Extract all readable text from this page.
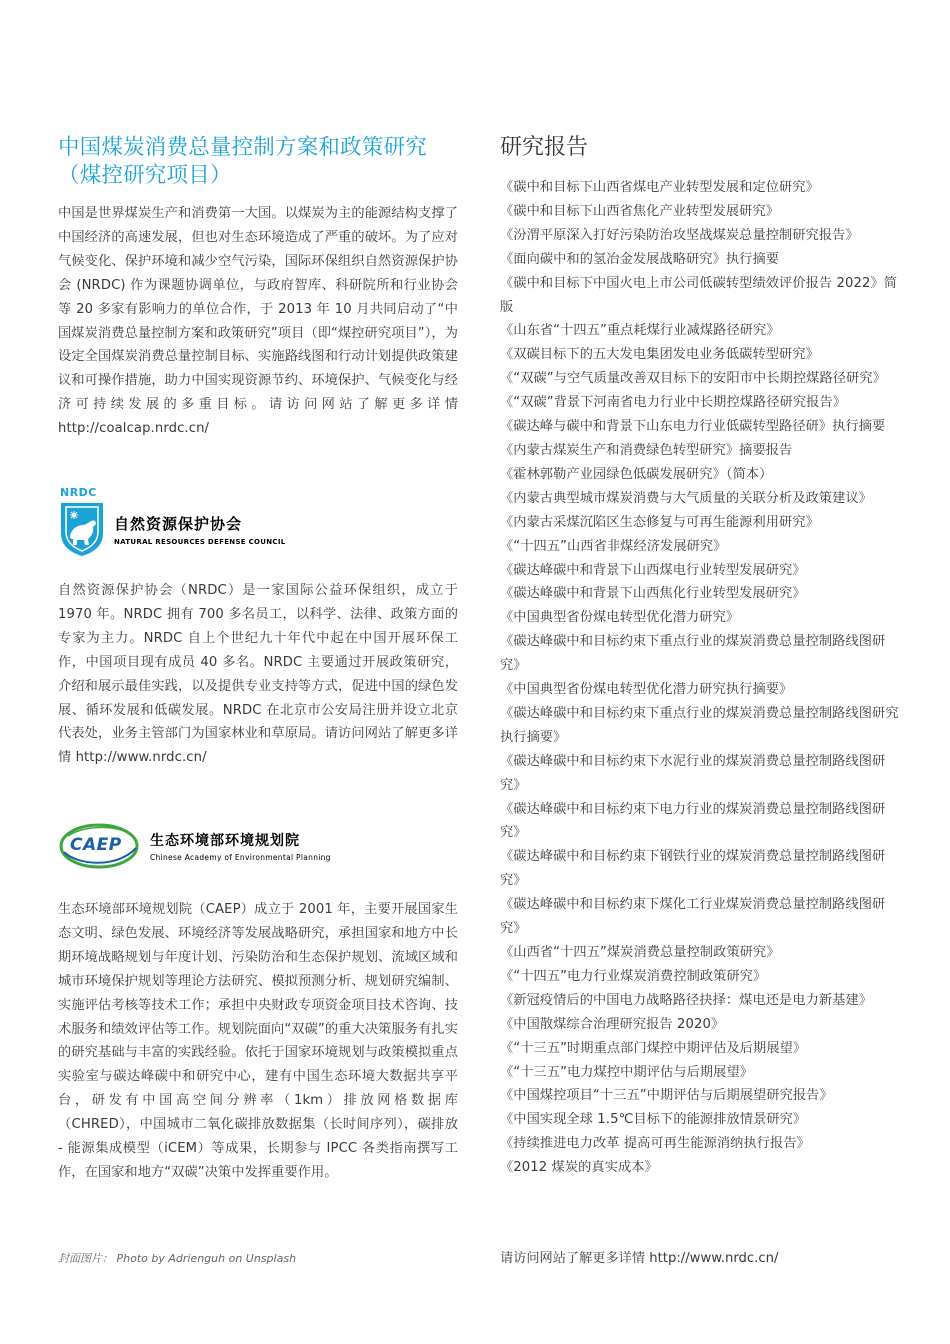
中国煤炭消费总量控制方案和政策研究
（煤控研究项目）

中国是世界煤炭生产和消费第一大国。以煤炭为主的能源结构支撑了中国经济的高速发展，但也对生态环境造成了严重的破坏。为了应对气候变化、保护环境和减少空气污染，国际环保组织自然资源保护协会 (NRDC) 作为课题协调单位，与政府智库、科研院所和行业协会等 20 多家有影响力的单位合作，于 2013 年 10 月共同启动了“中国煤炭消费总量控制方案和政策研究”项目（即“煤控研究项目”），为设定全国煤炭消费总量控制目标、实施路线图和行动计划提供政策建议和可操作措施，助力中国实现资源节约、环境保护、气候变化与经济可持续发展的多重目标。请访问网站了解更多详情 http://coalcap.nrdc.cn/

NRDC
自然资源保护协会
NATURAL RESOURCES DEFENSE COUNCIL

自然资源保护协会（NRDC）是一家国际公益环保组织，成立于 1970 年。NRDC 拥有 700 多名员工，以科学、法律、政策方面的专家为主力。NRDC 自上个世纪九十年代中起在中国开展环保工作，中国项目现有成员 40 多名。NRDC 主要通过开展政策研究，介绍和展示最佳实践，以及提供专业支持等方式，促进中国的绿色发展、循环发展和低碳发展。NRDC 在北京市公安局注册并设立北京代表处，业务主管部门为国家林业和草原局。请访问网站了解更多详情 http://www.nrdc.cn/

CAEP 生态环境部环境规划院
Chinese Academy of Environmental Planning

生态环境部环境规划院（CAEP）成立于 2001 年，主要开展国家生态文明、绿色发展、环境经济等发展战略研究，承担国家和地方中长期环境战略规划与年度计划、污染防治和生态保护规划、流域区域和城市环境保护规划等理论方法研究、模拟预测分析、规划研究编制、实施评估考核等技术工作；承担中央财政专项资金项目技术咨询、技术服务和绩效评估等工作。规划院面向“双碳”的重大决策服务有扎实的研究基础与丰富的实践经验。依托于国家环境规划与政策模拟重点实验室与碳达峰碳中和研究中心，建有中国生态环境大数据共享平台，研发有中国高空间分辨率（1km）排放网格数据库（CHRED），中国城市二氧化碳排放数据集（长时间序列），碳排放 - 能源集成模型（iCEM）等成果，长期参与 IPCC 各类指南撰写工作，在国家和地方“双碳”决策中发挥重要作用。

研究报告
《碳中和目标下山西省煤电产业转型发展和定位研究》
《碳中和目标下山西省焦化产业转型发展研究》
《汾渭平原深入打好污染防治攻坚战煤炭总量控制研究报告》
《面向碳中和的氢冶金发展战略研究》执行摘要
《碳中和目标下中国火电上市公司低碳转型绩效评价报告 2022》简版
《山东省“十四五”重点耗煤行业减煤路径研究》
《双碳目标下的五大发电集团发电业务低碳转型研究》
《“双碳”与空气质量改善双目标下的安阳市中长期控煤路径研究》
《“双碳”背景下河南省电力行业中长期控煤路径研究报告》
《碳达峰与碳中和背景下山东电力行业低碳转型路径研》执行摘要
《内蒙古煤炭生产和消费绿色转型研究》摘要报告
《霍林郭勒产业园绿色低碳发展研究》（简本）
《内蒙古典型城市煤炭消费与大气质量的关联分析及政策建议》
《内蒙古采煤沉陷区生态修复与可再生能源利用研究》
《“十四五”山西省非煤经济发展研究》
《碳达峰碳中和背景下山西煤电行业转型发展研究》
《碳达峰碳中和背景下山西焦化行业转型发展研究》
《中国典型省份煤电转型优化潜力研究》
《碳达峰碳中和目标约束下重点行业的煤炭消费总量控制路线图研究》
《中国典型省份煤电转型优化潜力研究执行摘要》
《碳达峰碳中和目标约束下重点行业的煤炭消费总量控制路线图研究执行摘要》
《碳达峰碳中和目标约束下水泥行业的煤炭消费总量控制路线图研究》
《碳达峰碳中和目标约束下电力行业的煤炭消费总量控制路线图研究》
《碳达峰碳中和目标约束下钢铁行业的煤炭消费总量控制路线图研究》
《碳达峰碳中和目标约束下煤化工行业煤炭消费总量控制路线图研究》
《山西省“十四五”煤炭消费总量控制政策研究》
《“十四五”电力行业煤炭消费控制政策研究》
《新冠疫情后的中国电力战略路径抉择：煤电还是电力新基建》
《中国散煤综合治理研究报告 2020》
《“十三五”时期重点部门煤控中期评估及后期展望》
《“十三五”电力煤控中期评估与后期展望》
《中国煤控项目“十三五”中期评估与后期展望研究报告》
《中国实现全球 1.5℃目标下的能源排放情景研究》
《持续推进电力改革 提高可再生能源消纳执行报告》
《2012 煤炭的真实成本》
封面图片： Photo by Adrienguh on Unsplash	请访问网站了解更多详情 http://www.nrdc.cn/
